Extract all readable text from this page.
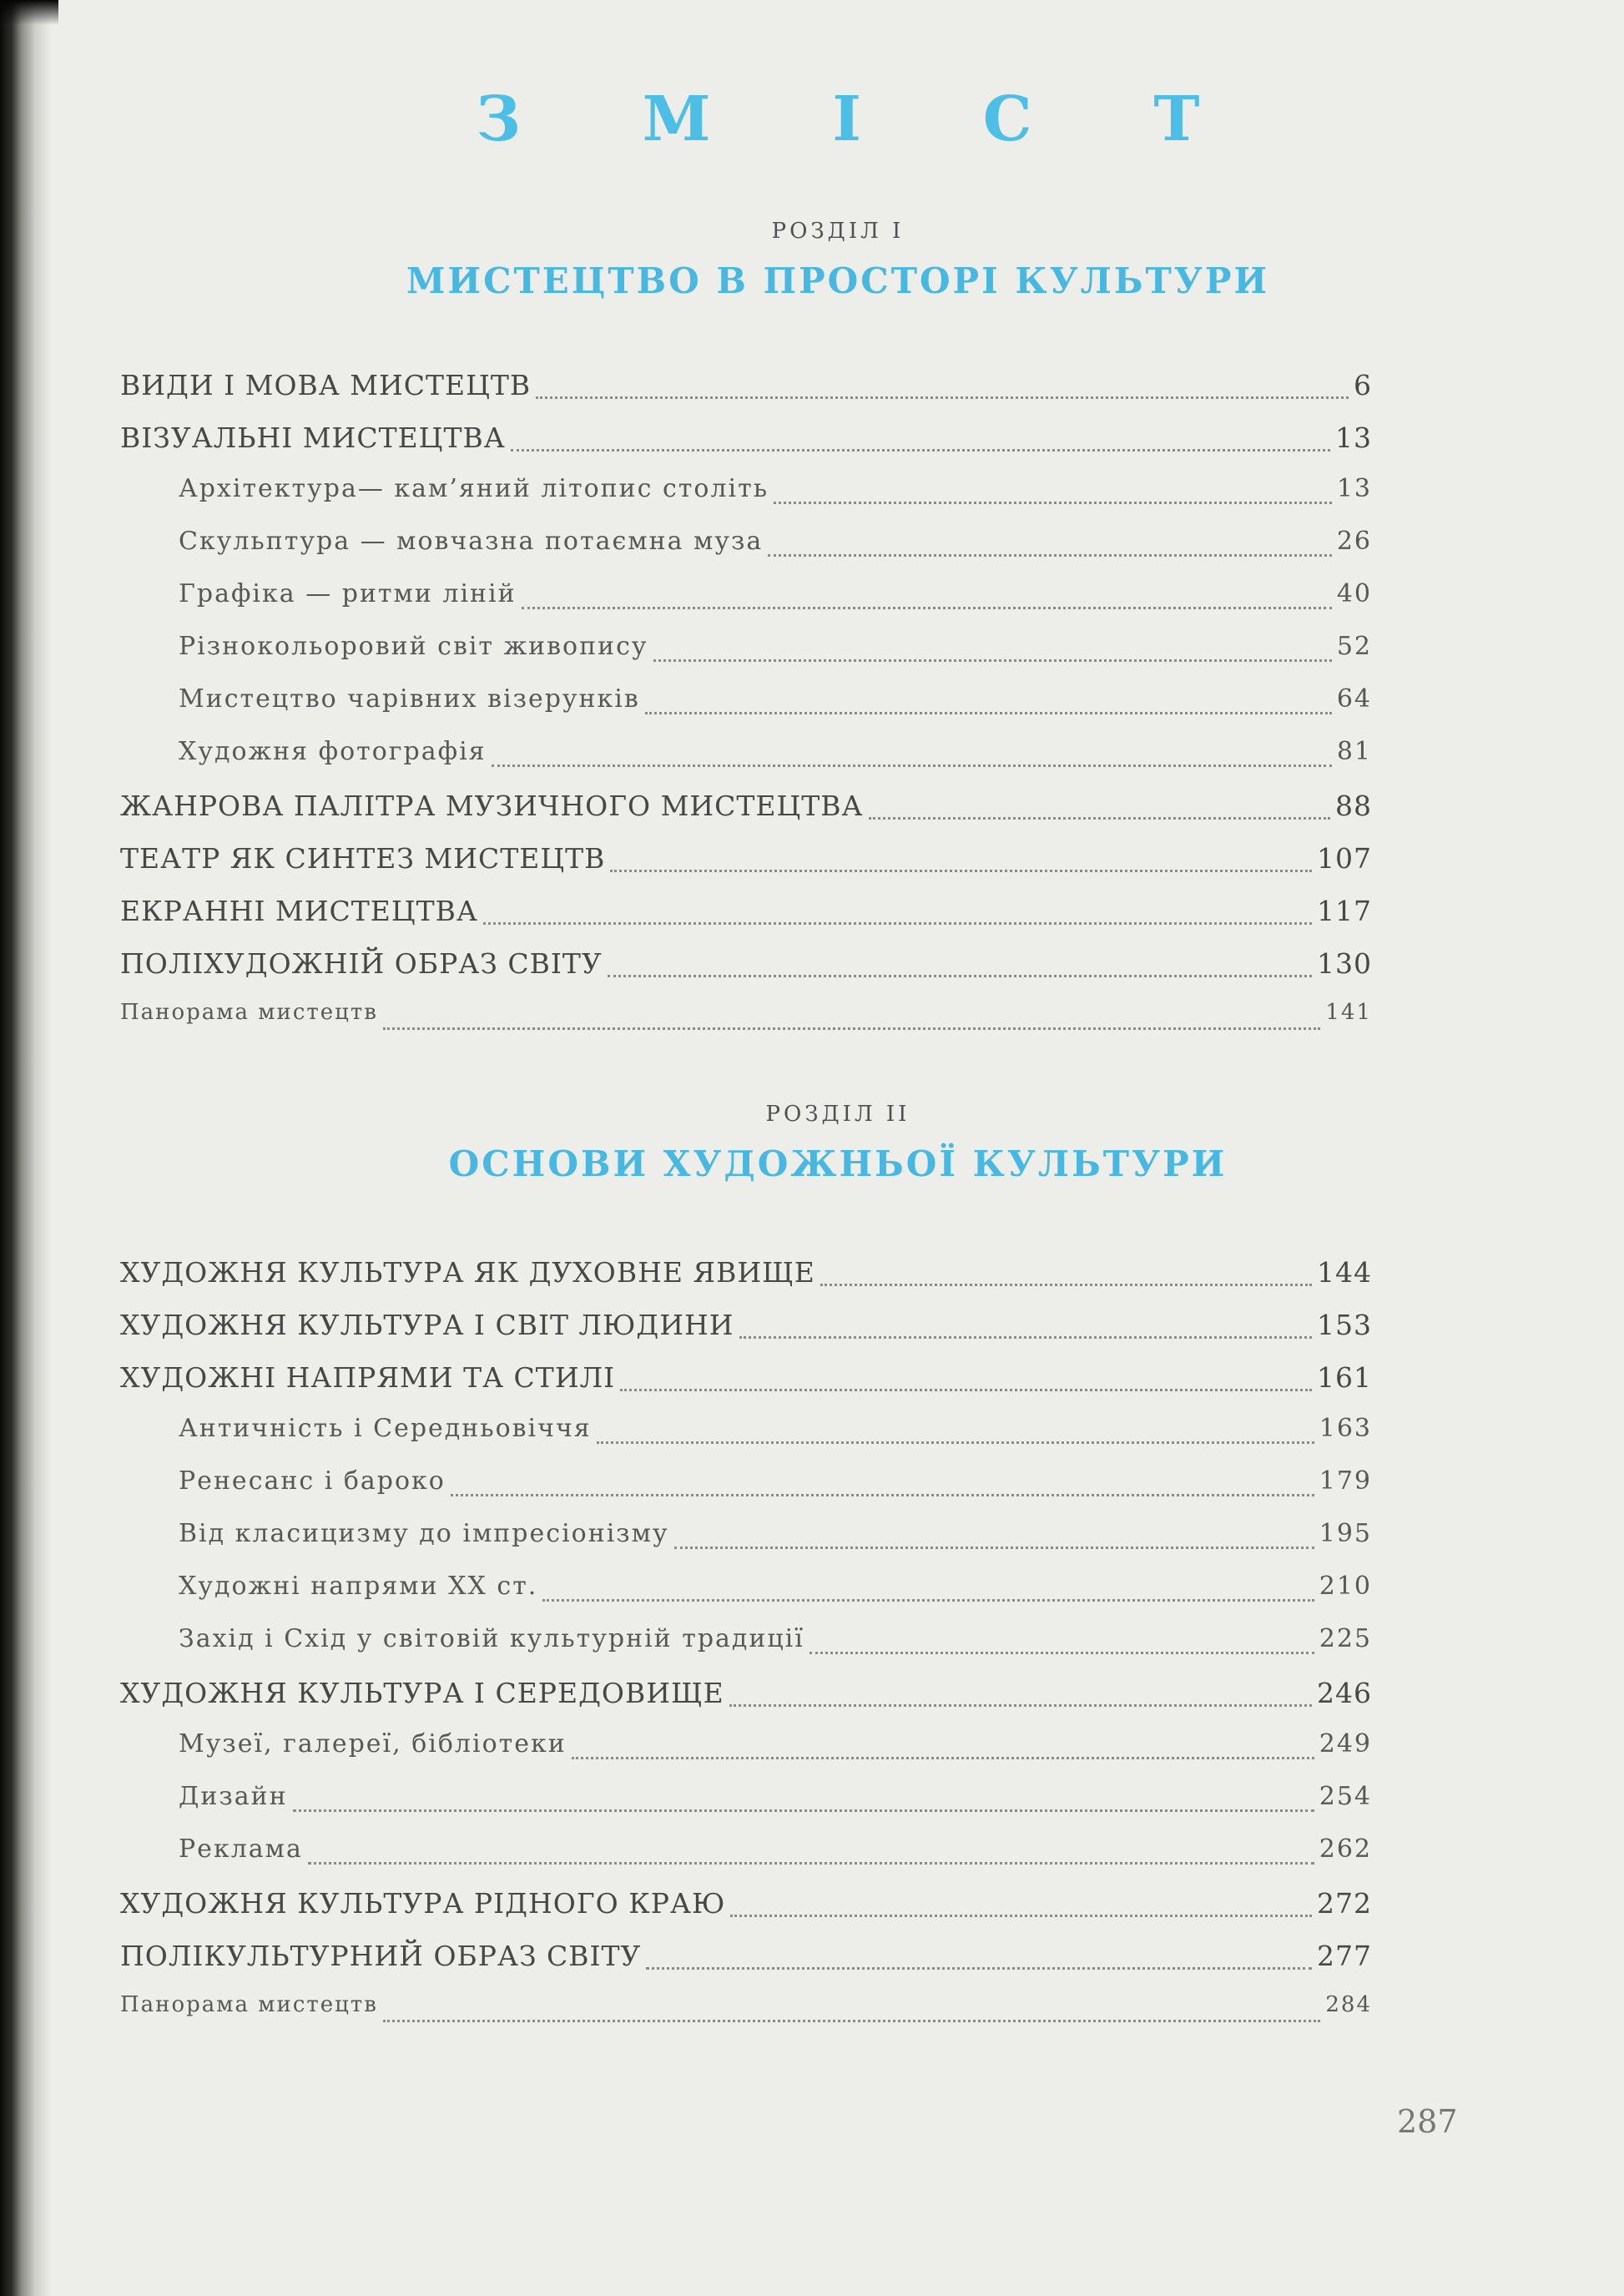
З М І С Т
РОЗДІЛ І
МИСТЕЦТВО В ПРОСТОРІ КУЛЬТУРИ
ВИДИ І МОВА МИСТЕЦТВ	6
ВІЗУАЛЬНІ МИСТЕЦТВА	13
Архітектура— кам’яний літопис століть	13
Скульптура — мовчазна потаємна муза	26
Графіка — ритми ліній	40
Різнокольоровий світ живопису	52
Мистецтво чарівних візерунків	64
Художня фотографія	81
ЖАНРОВА ПАЛІТРА МУЗИЧНОГО МИСТЕЦТВА	88
ТЕАТР ЯК СИНТЕЗ МИСТЕЦТВ	107
ЕКРАННІ МИСТЕЦТВА	117
ПОЛІХУДОЖНІЙ ОБРАЗ СВІТУ	130
Панорама мистецтв	141
РОЗДІЛ ІІ
ОСНОВИ ХУДОЖНЬОЇ КУЛЬТУРИ
ХУДОЖНЯ КУЛЬТУРА ЯК ДУХОВНЕ ЯВИЩЕ	144
ХУДОЖНЯ КУЛЬТУРА І СВІТ ЛЮДИНИ	153
ХУДОЖНІ НАПРЯМИ ТА СТИЛІ	161
Античність і Середньовіччя	163
Ренесанс і бароко	179
Від класицизму до імпресіонізму	195
Художні напрями XX ст.	210
Захід і Схід у світовій культурній традиції	225
ХУДОЖНЯ КУЛЬТУРА І СЕРЕДОВИЩЕ	246
Музеї, галереї, бібліотеки	249
Дизайн	254
Реклама	262
ХУДОЖНЯ КУЛЬТУРА РІДНОГО КРАЮ	272
ПОЛІКУЛЬТУРНИЙ ОБРАЗ СВІТУ	277
Панорама мистецтв	284
287
